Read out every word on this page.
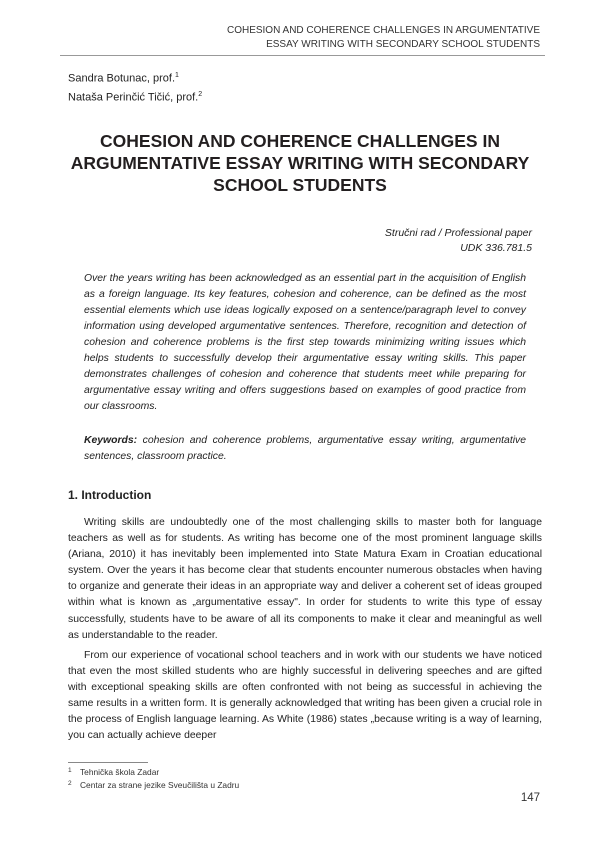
COHESION AND COHERENCE CHALLENGES IN ARGUMENTATIVE
ESSAY WRITING WITH SECONDARY SCHOOL STUDENTS
Sandra Botunac, prof.$^1$
Nataša Perinčić Tičić, prof.$^2$
COHESION AND COHERENCE CHALLENGES IN
ARGUMENTATIVE ESSAY WRITING WITH SECONDARY
SCHOOL STUDENTS
Stručni rad / Professional paper
UDK 336.781.5

Over the years writing has been acknowledged as an essential part in the acquisition of English as a foreign language. Its key features, cohesion and coherence, can be defined as the most essential elements which use ideas logically exposed on a sentence/paragraph level to convey information using developed argumentative sentences. Therefore, recognition and detection of cohesion and coherence problems is the first step towards minimizing writing issues which helps students to successfully develop their argumentative essay writing skills. This paper demonstrates challenges of cohesion and coherence that students meet while preparing for argumentative essay writing and offers suggestions based on examples of good practice from our classrooms.

Keywords: cohesion and coherence problems, argumentative essay writing, argumentative sentences, classroom practice.

1. Introduction

Writing skills are undoubtedly one of the most challenging skills to master both for language teachers as well as for students. As writing has become one of the most prominent language skills (Ariana, 2010) it has inevitably been implemented into State Matura Exam in Croatian educational system. Over the years it has become clear that students encounter numerous obstacles when having to organize and generate their ideas in an appropriate way and deliver a coherent set of ideas grouped within what is known as „argumentative essay". In order for students to write this type of essay successfully, students have to be aware of all its components to make it clear and meaningful as well as understandable to the reader.

From our experience of vocational school teachers and in work with our students we have noticed that even the most skilled students who are highly successful in delivering speeches and are gifted with exceptional speaking skills are often confronted with not being as successful in achieving the same results in a written form. It is generally acknowledged that writing has been given a crucial role in the process of English language learning. As White (1986) states „because writing is a way of learning, you can actually achieve deeper

1 Tehnička škola Zadar
2 Centar za strane jezike Sveučilišta u Zadru
147
